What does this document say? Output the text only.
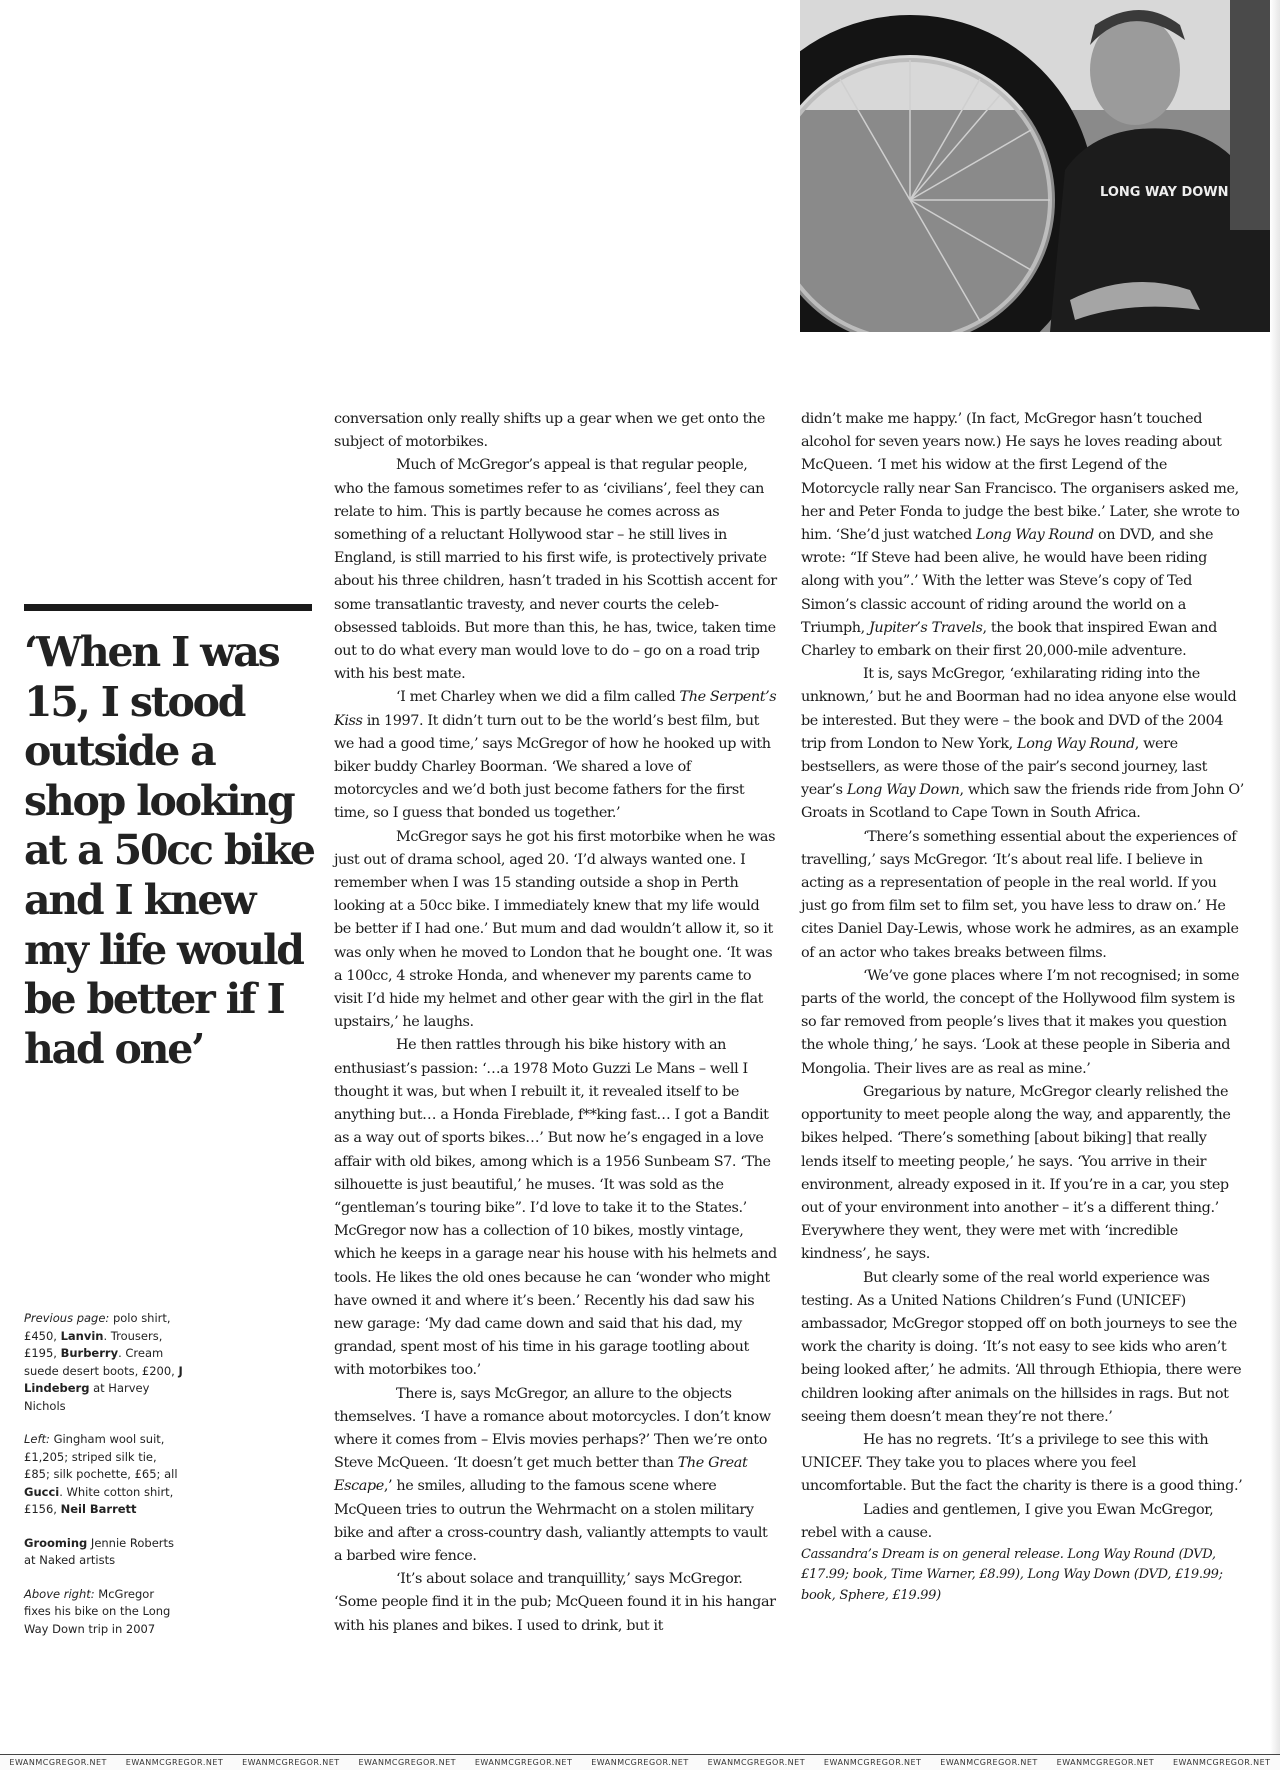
LONG WAY DOWN

‘When I was 15, I stood outside a shop looking at a 50cc bike and I knew my life would be better if I had one’

Previous page: polo shirt, £450, Lanvin. Trousers, £195, Burberry. Cream suede desert boots, £200, J Lindeberg at Harvey Nichols

Left: Gingham wool suit, £1,205; striped silk tie, £85; silk pochette, £65; all Gucci. White cotton shirt, £156, Neil Barrett

Grooming Jennie Roberts at Naked artists

Above right: McGregor fixes his bike on the Long Way Down trip in 2007

conversation only really shifts up a gear when we get onto the subject of motorbikes.

Much of McGregor’s appeal is that regular people, who the famous sometimes refer to as ‘civilians’, feel they can relate to him. This is partly because he comes across as something of a reluctant Hollywood star – he still lives in England, is still married to his first wife, is protectively private about his three children, hasn’t traded in his Scottish accent for some transatlantic travesty, and never courts the celeb-obsessed tabloids. But more than this, he has, twice, taken time out to do what every man would love to do – go on a road trip with his best mate.

‘I met Charley when we did a film called The Serpent’s Kiss in 1997. It didn’t turn out to be the world’s best film, but we had a good time,’ says McGregor of how he hooked up with biker buddy Charley Boorman. ‘We shared a love of motorcycles and we’d both just become fathers for the first time, so I guess that bonded us together.’

McGregor says he got his first motorbike when he was just out of drama school, aged 20. ‘I’d always wanted one. I remember when I was 15 standing outside a shop in Perth looking at a 50cc bike. I immediately knew that my life would be better if I had one.’ But mum and dad wouldn’t allow it, so it was only when he moved to London that he bought one. ‘It was a 100cc, 4 stroke Honda, and whenever my parents came to visit I’d hide my helmet and other gear with the girl in the flat upstairs,’ he laughs.

He then rattles through his bike history with an enthusiast’s passion: ‘…a 1978 Moto Guzzi Le Mans – well I thought it was, but when I rebuilt it, it revealed itself to be anything but… a Honda Fireblade, f**king fast… I got a Bandit as a way out of sports bikes…’ But now he’s engaged in a love affair with old bikes, among which is a 1956 Sunbeam S7. ‘The silhouette is just beautiful,’ he muses. ‘It was sold as the “gentleman’s touring bike”. I’d love to take it to the States.’ McGregor now has a collection of 10 bikes, mostly vintage, which he keeps in a garage near his house with his helmets and tools. He likes the old ones because he can ‘wonder who might have owned it and where it’s been.’ Recently his dad saw his new garage: ‘My dad came down and said that his dad, my grandad, spent most of his time in his garage tootling about with motorbikes too.’

There is, says McGregor, an allure to the objects themselves. ‘I have a romance about motorcycles. I don’t know where it comes from – Elvis movies perhaps?’ Then we’re onto Steve McQueen. ‘It doesn’t get much better than The Great Escape,’ he smiles, alluding to the famous scene where McQueen tries to outrun the Wehrmacht on a stolen military bike and after a cross-country dash, valiantly attempts to vault a barbed wire fence.

‘It’s about solace and tranquillity,’ says McGregor. ‘Some people find it in the pub; McQueen found it in his hangar with his planes and bikes. I used to drink, but it

didn’t make me happy.’ (In fact, McGregor hasn’t touched alcohol for seven years now.) He says he loves reading about McQueen. ‘I met his widow at the first Legend of the Motorcycle rally near San Francisco. The organisers asked me, her and Peter Fonda to judge the best bike.’ Later, she wrote to him. ‘She’d just watched Long Way Round on DVD, and she wrote: “If Steve had been alive, he would have been riding along with you”.’ With the letter was Steve’s copy of Ted Simon’s classic account of riding around the world on a Triumph, Jupiter’s Travels, the book that inspired Ewan and Charley to embark on their first 20,000-mile adventure.

It is, says McGregor, ‘exhilarating riding into the unknown,’ but he and Boorman had no idea anyone else would be interested. But they were – the book and DVD of the 2004 trip from London to New York, Long Way Round, were bestsellers, as were those of the pair’s second journey, last year’s Long Way Down, which saw the friends ride from John O’ Groats in Scotland to Cape Town in South Africa.

‘There’s something essential about the experiences of travelling,’ says McGregor. ‘It’s about real life. I believe in acting as a representation of people in the real world. If you just go from film set to film set, you have less to draw on.’ He cites Daniel Day-Lewis, whose work he admires, as an example of an actor who takes breaks between films.

‘We’ve gone places where I’m not recognised; in some parts of the world, the concept of the Hollywood film system is so far removed from people’s lives that it makes you question the whole thing,’ he says. ‘Look at these people in Siberia and Mongolia. Their lives are as real as mine.’

Gregarious by nature, McGregor clearly relished the opportunity to meet people along the way, and apparently, the bikes helped. ‘There’s something [about biking] that really lends itself to meeting people,’ he says. ‘You arrive in their environment, already exposed in it. If you’re in a car, you step out of your environment into another – it’s a different thing.’ Everywhere they went, they were met with ‘incredible kindness’, he says.

But clearly some of the real world experience was testing. As a United Nations Children’s Fund (UNICEF) ambassador, McGregor stopped off on both journeys to see the work the charity is doing. ‘It’s not easy to see kids who aren’t being looked after,’ he admits. ‘All through Ethiopia, there were children looking after animals on the hillsides in rags. But not seeing them doesn’t mean they’re not there.’

He has no regrets. ‘It’s a privilege to see this with UNICEF. They take you to places where you feel uncomfortable. But the fact the charity is there is a good thing.’

Ladies and gentlemen, I give you Ewan McGregor, rebel with a cause.

Cassandra’s Dream is on general release. Long Way Round (DVD, £17.99; book, Time Warner, £8.99), Long Way Down (DVD, £19.99; book, Sphere, £19.99)

EWANMCGREGOR.NET EWANMCGREGOR.NET EWANMCGREGOR.NET EWANMCGREGOR.NET EWANMCGREGOR.NET EWANMCGREGOR.NET EWANMCGREGOR.NET EWANMCGREGOR.NET EWANMCGREGOR.NET EWANMCGREGOR.NET EWANMCGREGOR.NET
